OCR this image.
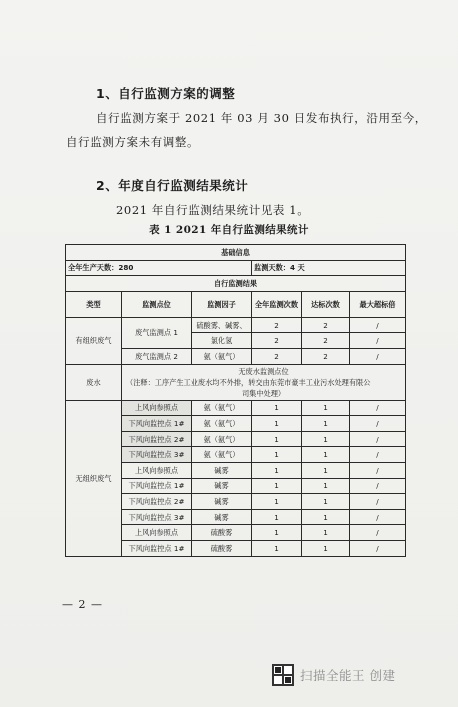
1、自行监测方案的调整
自行监测方案于 2021 年 03 月 30 日发布执行，沿用至今，
自行监测方案未有调整。
2、年度自行监测结果统计
2021 年自行监测结果统计见表 1。
表 1 2021 年自行监测结果统计
基础信息					
全年生产天数：280			监测天数：4 天		
自行监测结果					
类型	监测点位	监测因子	全年监测次数	达标次数	最大超标倍
有组织废气	废气监测点 1	硫酸雾、碱雾、	2	2	/
		氯化氢	2	2	/
	废气监测点 2	氨（氨气）	2	2	/
废水	无废水监测点位
（注释：工序产生工业废水均不外排，转交由东莞市豪丰工业污水处理有限公
司集中处理）				

无组织废气	上风向参照点	氨（氨气）	1	1	/
	下风向监控点 1#	氨（氨气）	1	1	/
	下风向监控点 2#	氨（氨气）	1	1	/
	下风向监控点 3#	氨（氨气）	1	1	/
	上风向参照点	碱雾	1	1	/
	下风向监控点 1#	碱雾	1	1	/
	下风向监控点 2#	碱雾	1	1	/
	下风向监控点 3#	碱雾	1	1	/
	上风向参照点	硫酸雾	1	1	/
	下风向监控点 1#	硫酸雾	1	1	/
— 2 —
扫描全能王 创建
